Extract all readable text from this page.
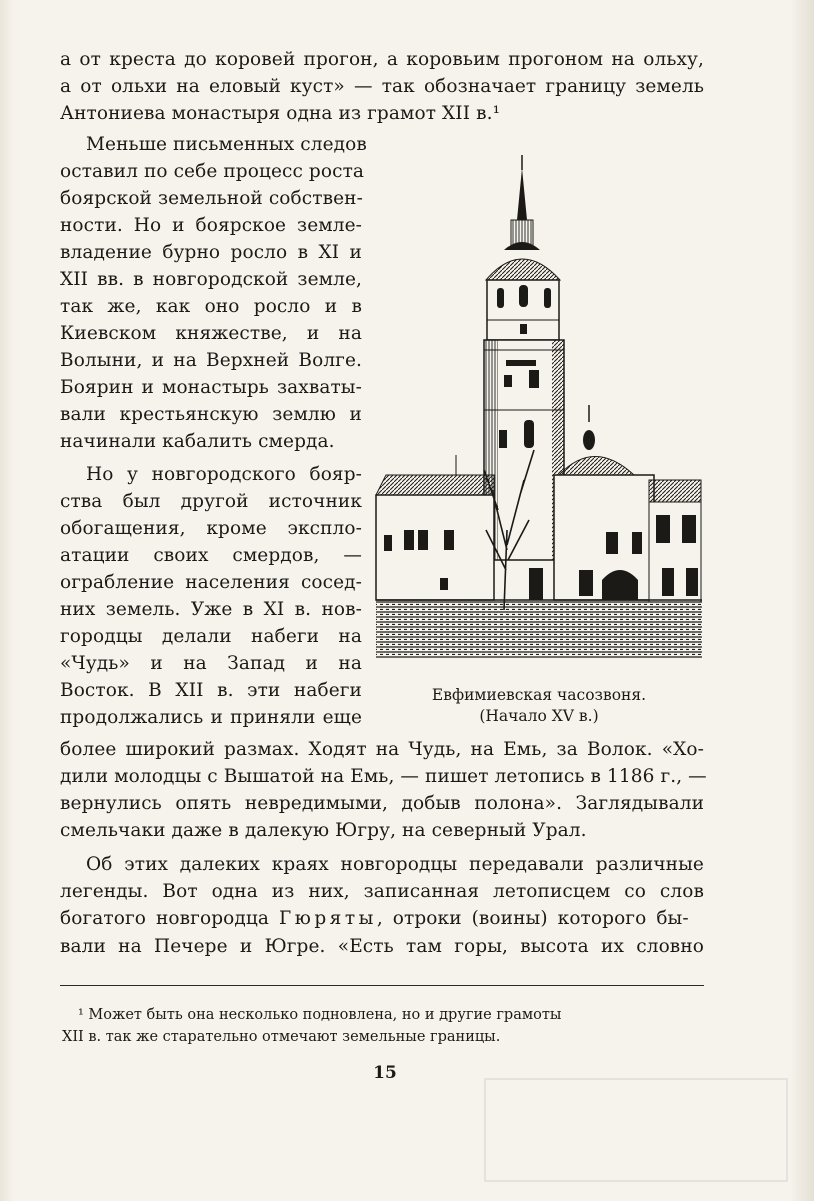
а от креста до коровей прогон, а коровьим прогоном на ольху,
а от ольхи на еловый куст» — так обозначает границу земель
Антониева монастыря одна из грамот XII в.¹
Меньше письменных следов
оставил по себе процесс роста
боярской земельной собствен-
ности. Но и боярское земле-
владение бурно росло в XI и
XII вв. в новгородской земле,
так же, как оно росло и в
Киевском княжестве, и на
Волыни, и на Верхней Волге.
Боярин и монастырь захваты-
вали крестьянскую землю и
начинали кабалить смерда.
Но у новгородского бояр-
ства был другой источник
обогащения, кроме экспло-
атации своих смердов, —
ограбление населения сосед-
них земель. Уже в XI в. нов-
городцы делали набеги на
«Чудь» и на Запад и на
Восток. В XII в. эти набеги
продолжались и приняли еще
более широкий размах. Ходят на Чудь, на Емь, за Волок. «Хо-
дили молодцы с Вышатой на Емь, — пишет летопись в 1186 г., —
вернулись опять невредимыми, добыв полона». Заглядывали
смельчаки даже в далекую Югру, на северный Урал.
Об этих далеких краях новгородцы передавали различные
легенды. Вот одна из них, записанная летописцем со слов
богатого новгородца Гюряты, отроки (воины) которого бы-
вали на Печере и Югре. «Есть там горы, высота их словно
Евфимиевская часозвоня.
(Начало XV в.)
¹ Может быть она несколько подновлена, но и другие грамоты
XII в. так же старательно отмечают земельные границы.
15
